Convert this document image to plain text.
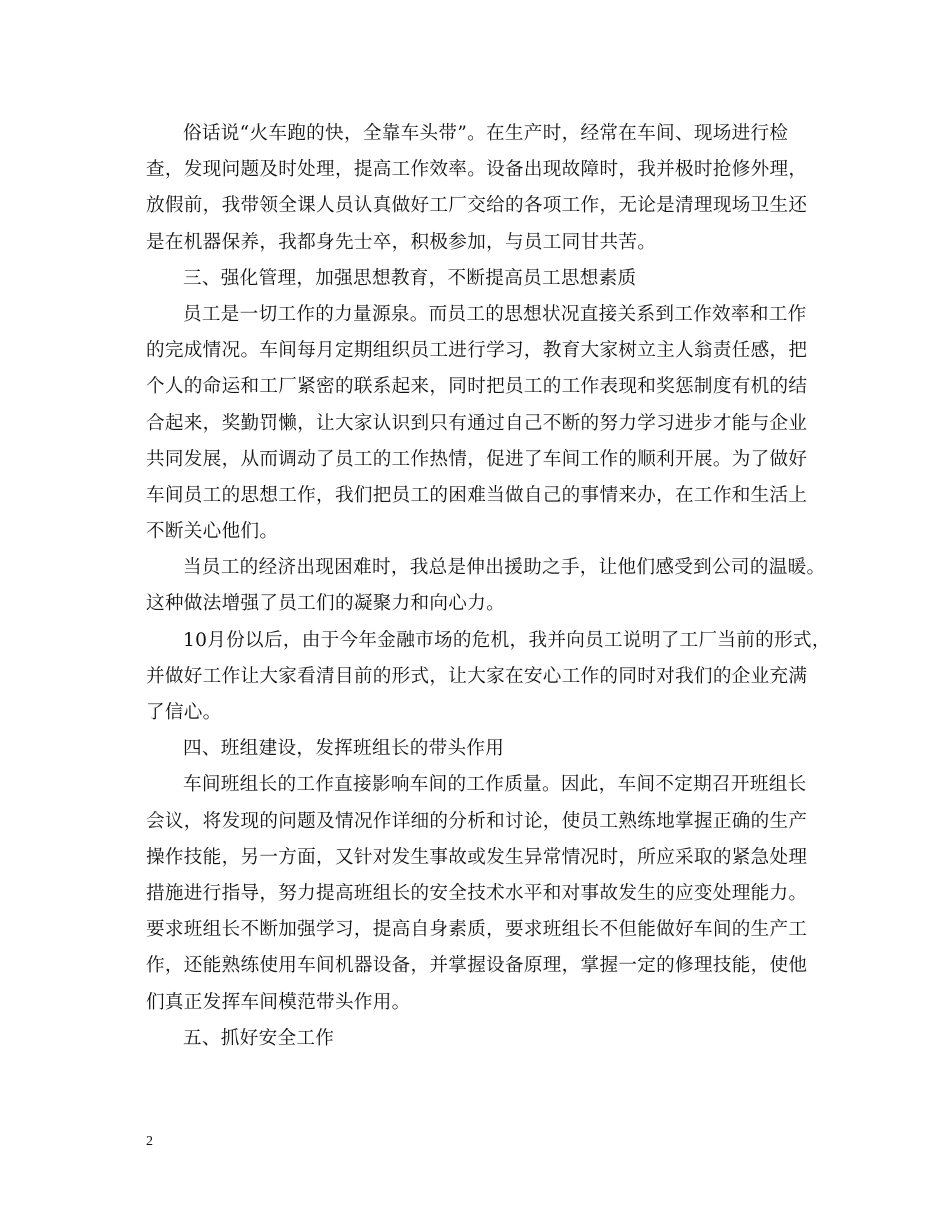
俗话说“火车跑的快，全靠车头带”。在生产时，经常在车间、现场进行检
查，发现问题及时处理，提高工作效率。设备出现故障时，我并极时抢修外理，
放假前，我带领全课人员认真做好工厂交给的各项工作，无论是清理现场卫生还
是在机器保养，我都身先士卒，积极参加，与员工同甘共苦。
三、强化管理，加强思想教育，不断提高员工思想素质
员工是一切工作的力量源泉。而员工的思想状况直接关系到工作效率和工作
的完成情况。车间每月定期组织员工进行学习，教育大家树立主人翁责任感，把
个人的命运和工厂紧密的联系起来，同时把员工的工作表现和奖惩制度有机的结
合起来，奖勤罚懒，让大家认识到只有通过自己不断的努力学习进步才能与企业
共同发展，从而调动了员工的工作热情，促进了车间工作的顺利开展。为了做好
车间员工的思想工作，我们把员工的困难当做自己的事情来办，在工作和生活上
不断关心他们。
当员工的经济出现困难时，我总是伸出援助之手，让他们感受到公司的温暖。
这种做法增强了员工们的凝聚力和向心力。
10月份以后，由于今年金融市场的危机，我并向员工说明了工厂当前的形式，
并做好工作让大家看清目前的形式，让大家在安心工作的同时对我们的企业充满
了信心。
四、班组建设，发挥班组长的带头作用
车间班组长的工作直接影响车间的工作质量。因此，车间不定期召开班组长
会议，将发现的问题及情况作详细的分析和讨论，使员工熟练地掌握正确的生产
操作技能，另一方面，又针对发生事故或发生异常情况时，所应采取的紧急处理
措施进行指导，努力提高班组长的安全技术水平和对事故发生的应变处理能力。
要求班组长不断加强学习，提高自身素质，要求班组长不但能做好车间的生产工
作，还能熟练使用车间机器设备，并掌握设备原理，掌握一定的修理技能，使他
们真正发挥车间模范带头作用。
五、抓好安全工作
2
